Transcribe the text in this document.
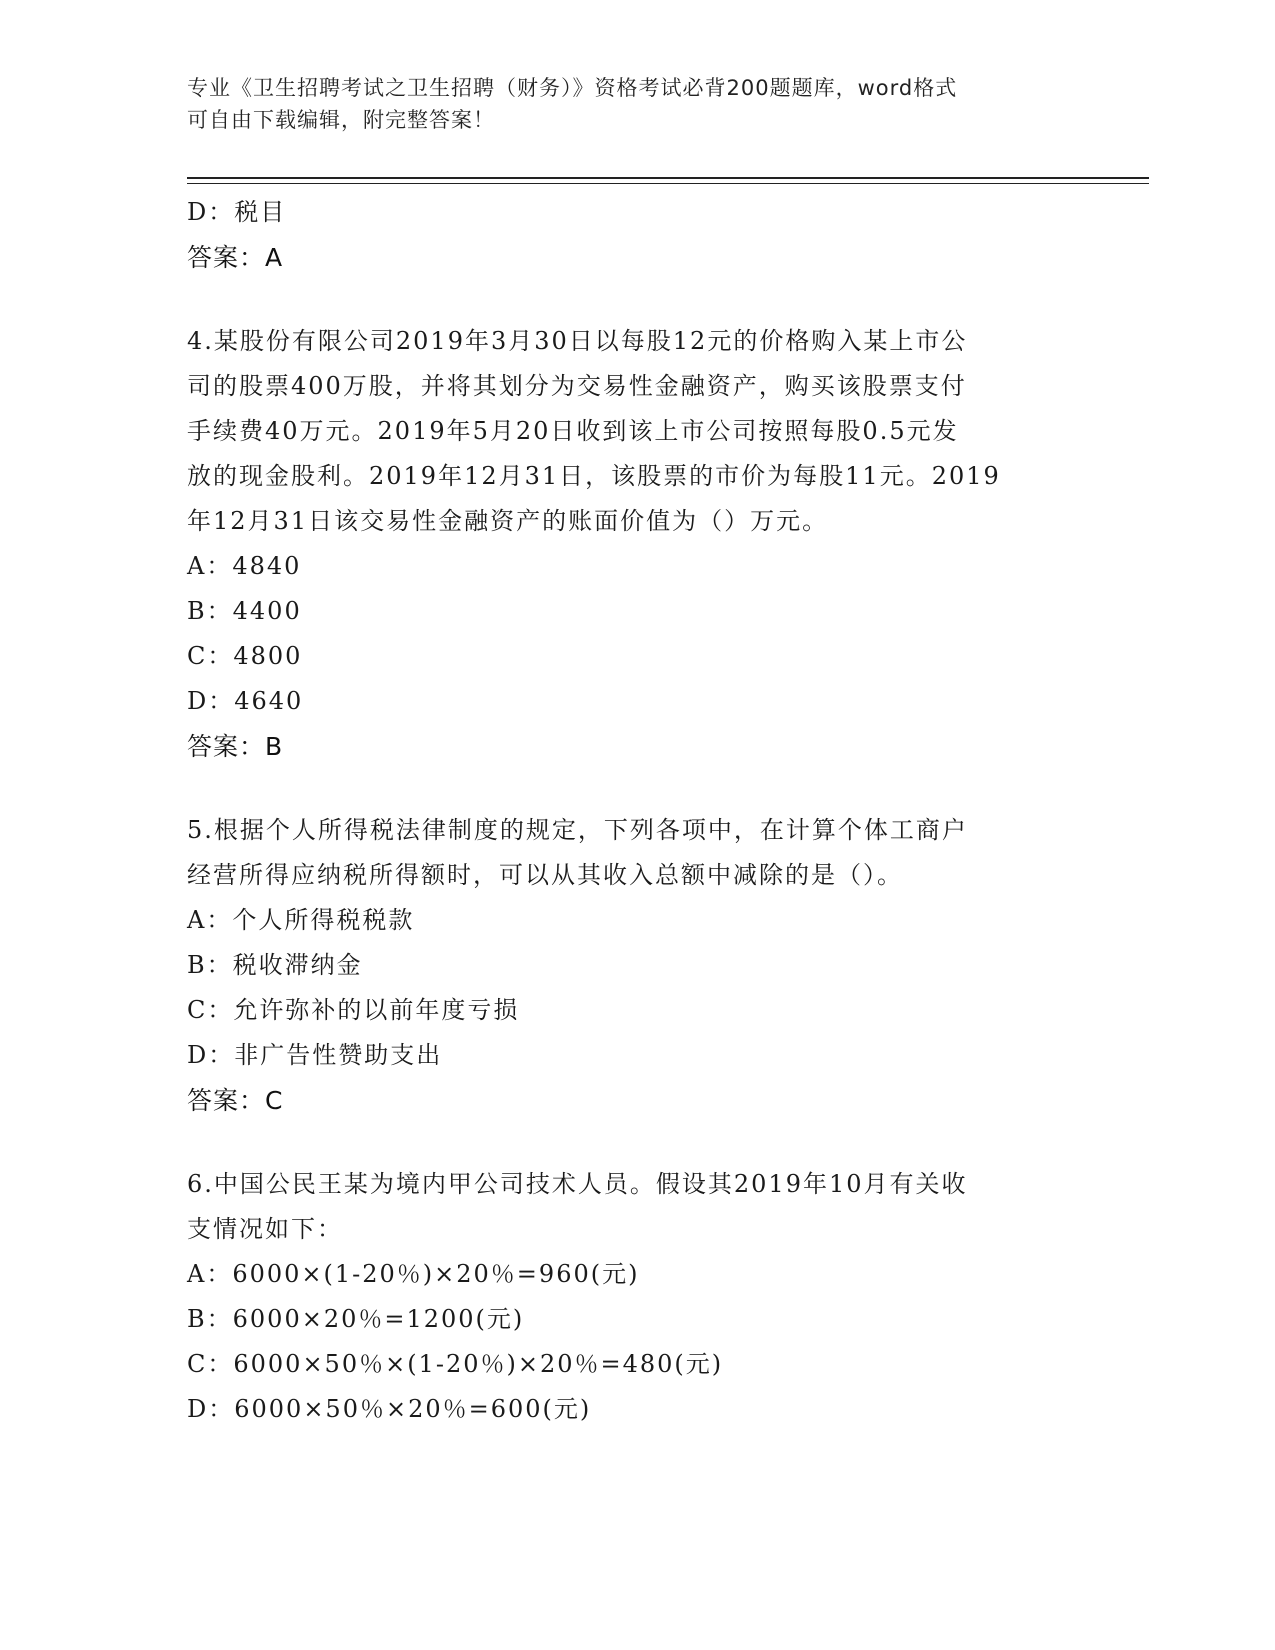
专业《卫生招聘考试之卫生招聘（财务）》资格考试必背200题题库，word格式
可自由下载编辑，附完整答案！
D：税目
答案：A
4.某股份有限公司2019年3月30日以每股12元的价格购入某上市公
司的股票400万股，并将其划分为交易性金融资产，购买该股票支付
手续费40万元。2019年5月20日收到该上市公司按照每股0.5元发
放的现金股利。2019年12月31日，该股票的市价为每股11元。2019
年12月31日该交易性金融资产的账面价值为（）万元。
A：4840
B：4400
C：4800
D：4640
答案：B
5.根据个人所得税法律制度的规定，下列各项中，在计算个体工商户
经营所得应纳税所得额时，可以从其收入总额中减除的是（）。
A：个人所得税税款
B：税收滞纳金
C：允许弥补的以前年度亏损
D：非广告性赞助支出
答案：C
6.中国公民王某为境内甲公司技术人员。假设其2019年10月有关收
支情况如下：
A：6000×(1-20％)×20％=960(元)
B：6000×20％=1200(元)
C：6000×50％×(1-20％)×20％=480(元)
D：6000×50％×20％=600(元)
